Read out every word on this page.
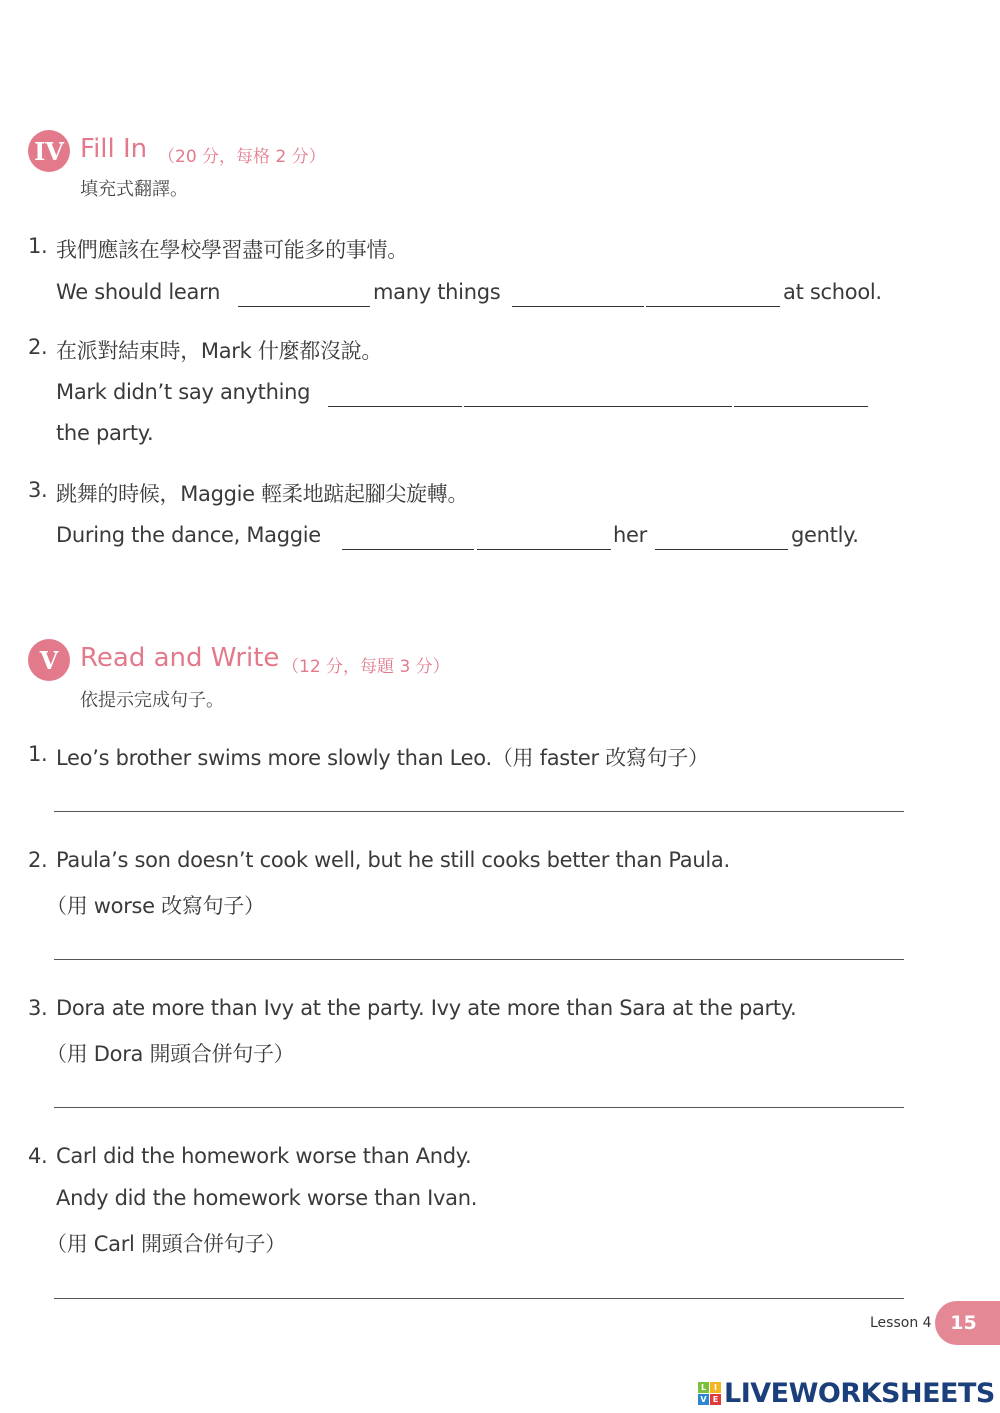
IV Fill In （20 分，每格 2 分）
填充式翻譯。
1. 我們應該在學校學習盡可能多的事情。
We should learn	many things	at school.
2. 在派對結束時，Mark 什麼都沒說。
Mark didn’t say anything
the party.
3. 跳舞的時候，Maggie 輕柔地踮起腳尖旋轉。
During the dance, Maggie	her	gently.
V Read and Write （12 分，每題 3 分）
依提示完成句子。
1. Leo’s brother swims more slowly than Leo.（用 faster 改寫句子）
2. Paula’s son doesn’t cook well, but he still cooks better than Paula.
（用 worse 改寫句子）
3. Dora ate more than Ivy at the party. Ivy ate more than Sara at the party.
（用 Dora 開頭合併句子）
4. Carl did the homework worse than Andy.
Andy did the homework worse than Ivan.
（用 Carl 開頭合併句子）
Lesson 4 15
L I
V E LIVEWORKSHEETS
